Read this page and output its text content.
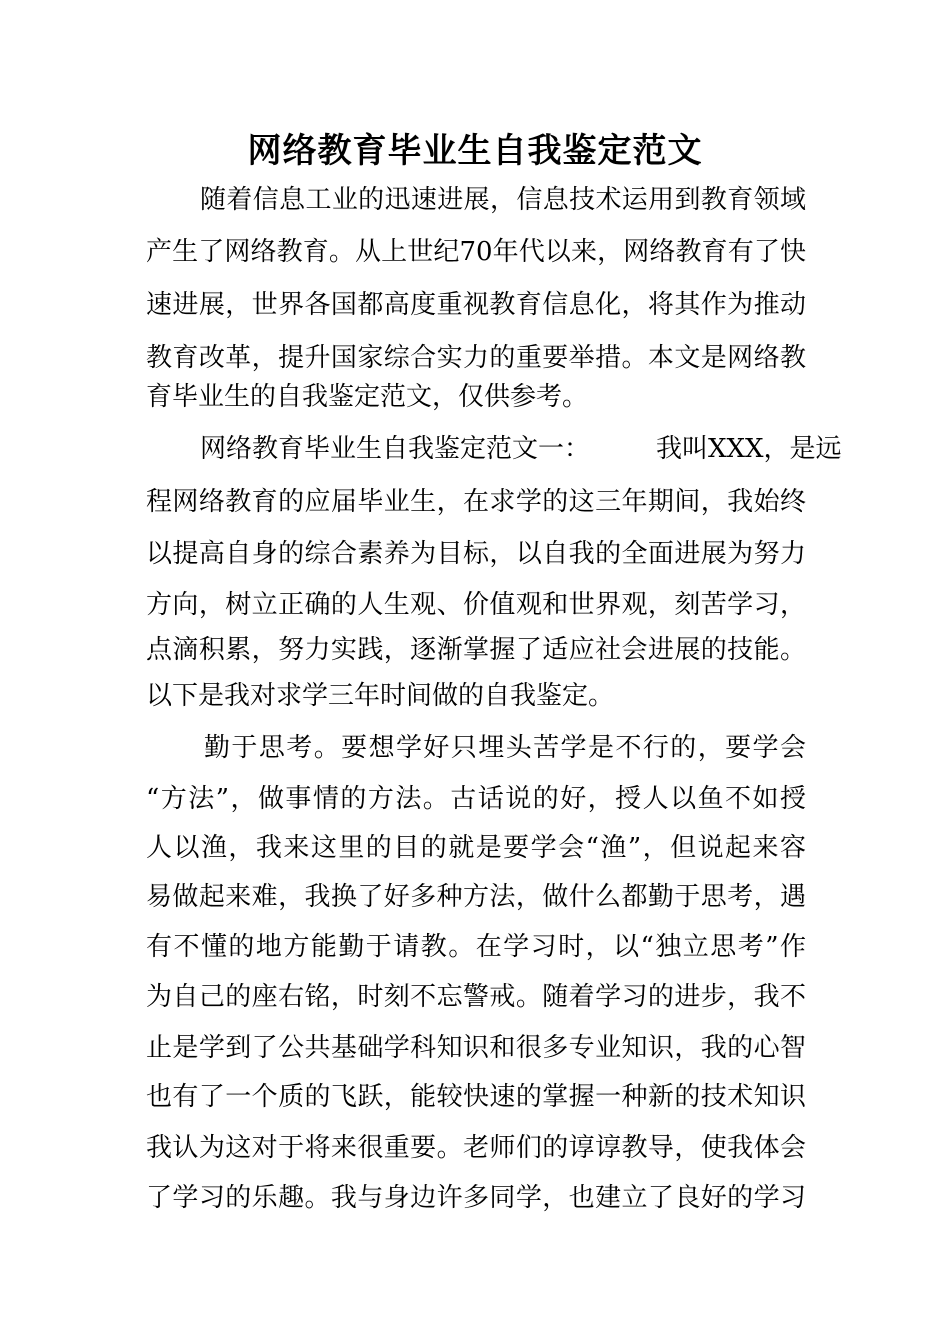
网络教育毕业生自我鉴定范文
随着信息工业的迅速进展，信息技术运用到教育领域
产生了网络教育。从上世纪70年代以来，网络教育有了快
速进展，世界各国都高度重视教育信息化，将其作为推动
教育改革，提升国家综合实力的重要举措。本文是网络教
育毕业生的自我鉴定范文，仅供参考。
网络教育毕业生自我鉴定范文一：	我叫XXX，是远
程网络教育的应届毕业生，在求学的这三年期间，我始终
以提高自身的综合素养为目标，以自我的全面进展为努力
方向，树立正确的人生观、价值观和世界观，刻苦学习，
点滴积累，努力实践，逐渐掌握了适应社会进展的技能。
以下是我对求学三年时间做的自我鉴定。
勤于思考。要想学好只埋头苦学是不行的，要学会
“方法”，做事情的方法。古话说的好，授人以鱼不如授
人以渔，我来这里的目的就是要学会“渔”，但说起来容
易做起来难，我换了好多种方法，做什么都勤于思考，遇
有不懂的地方能勤于请教。在学习时，以“独立思考”作
为自己的座右铭，时刻不忘警戒。随着学习的进步，我不
止是学到了公共基础学科知识和很多专业知识，我的心智
也有了一个质的飞跃，能较快速的掌握一种新的技术知识
我认为这对于将来很重要。老师们的谆谆教导，使我体会
了学习的乐趣。我与身边许多同学，也建立了良好的学习
